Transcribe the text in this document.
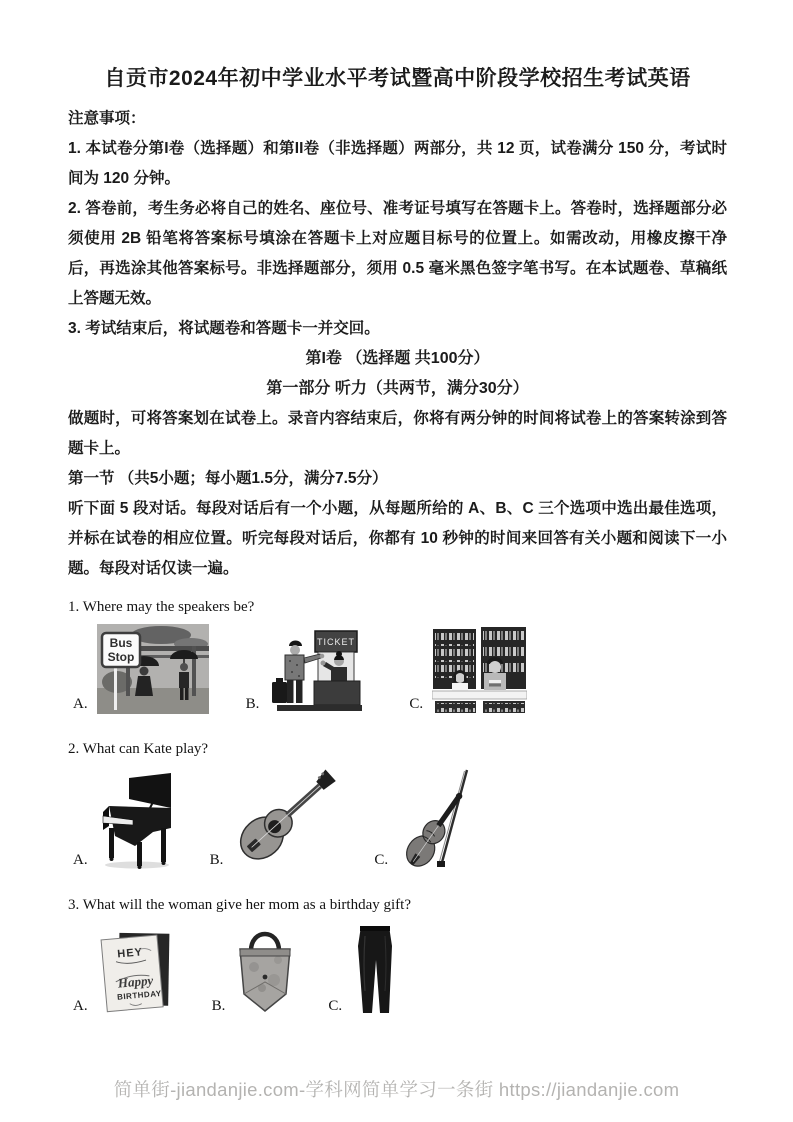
自贡市2024年初中学业水平考试暨高中阶段学校招生考试英语

注意事项：

1. 本试卷分第I卷（选择题）和第II卷（非选择题）两部分，共 12 页，试卷满分 150 分，考试时间为 120 分钟。

2. 答卷前，考生务必将自己的姓名、座位号、准考证号填写在答题卡上。答卷时，选择题部分必须使用 2B 铅笔将答案标号填涂在答题卡上对应题目标号的位置上。如需改动，用橡皮擦干净后，再选涂其他答案标号。非选择题部分，须用 0.5 毫米黑色签字笔书写。在本试题卷、草稿纸上答题无效。

3. 考试结束后，将试题卷和答题卡一并交回。

第I卷 （选择题 共100分）

第一部分 听力（共两节，满分30分）

做题时，可将答案划在试卷上。录音内容结束后，你将有两分钟的时间将试卷上的答案转涂到答题卡上。

第一节 （共5小题；每小题1.5分，满分7.5分）

听下面 5 段对话。每段对话后有一个小题，从每题所给的 A、B、C 三个选项中选出最佳选项，并标在试卷的相应位置。听完每段对话后，你都有 10 秒钟的时间来回答有关小题和阅读下一小题。每段对话仅读一遍。

1. Where may the speakers be?

A.
Bus
Stop
B.
TICKET
C.

2. What can Kate play?

A.	B.	C.

3. What will the woman give her mom as a birthday gift?

A.
HEY
Happy
BIRTHDAY
B.	C.
简单街-jiandanjie.com-学科网简单学习一条街 https://jiandanjie.com
